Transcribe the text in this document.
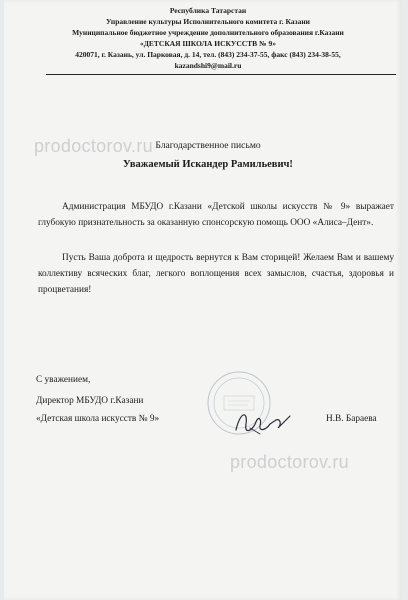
Республика Татарстан
Управление культуры Исполнительного комитета г. Казани
Муниципальное бюджетное учреждение дополнительного образования г.Казани
«ДЕТСКАЯ ШКОЛА ИСКУССТВ № 9»
420071, г. Казань, ул. Парковая, д. 14, тел. (843) 234-37-55, факс (843) 234-38-55,
kazandshi9@mail.ru
prodoctorov.ru Благодарственное письмо
Уважаемый Искандер Рамильевич!
Администрация МБУДО г.Казани «Детской школы искусств № 9» выражает глубокую признательность за оказанную спонсорскую помощь ООО «Алиса–Дент».
Пусть Ваша доброта и щедрость вернутся к Вам сторицей! Желаем Вам и вашему коллективу всяческих благ, легкого воплощения всех замыслов, счастья, здоровья и процветания!
С уважением,
Директор МБУДО г.Казани
«Детская школа искусств № 9»	Н.В. Бараева
prodoctorov.ru
